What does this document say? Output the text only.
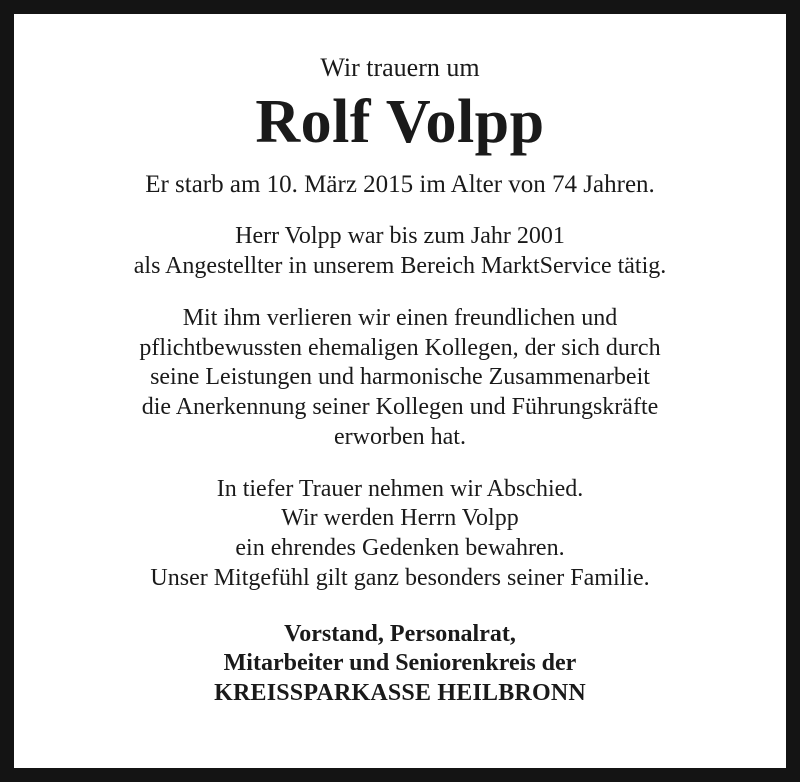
Wir trauern um
Rolf Volpp
Er starb am 10. März 2015 im Alter von 74 Jahren.
Herr Volpp war bis zum Jahr 2001
als Angestellter in unserem Bereich MarktService tätig.
Mit ihm verlieren wir einen freundlichen und
pflichtbewussten ehemaligen Kollegen, der sich durch
seine Leistungen und harmonische Zusammenarbeit
die Anerkennung seiner Kollegen und Führungskräfte
erworben hat.
In tiefer Trauer nehmen wir Abschied.
Wir werden Herrn Volpp
ein ehrendes Gedenken bewahren.
Unser Mitgefühl gilt ganz besonders seiner Familie.
Vorstand, Personalrat,
Mitarbeiter und Seniorenkreis der
KREISSPARKASSE HEILBRONN
